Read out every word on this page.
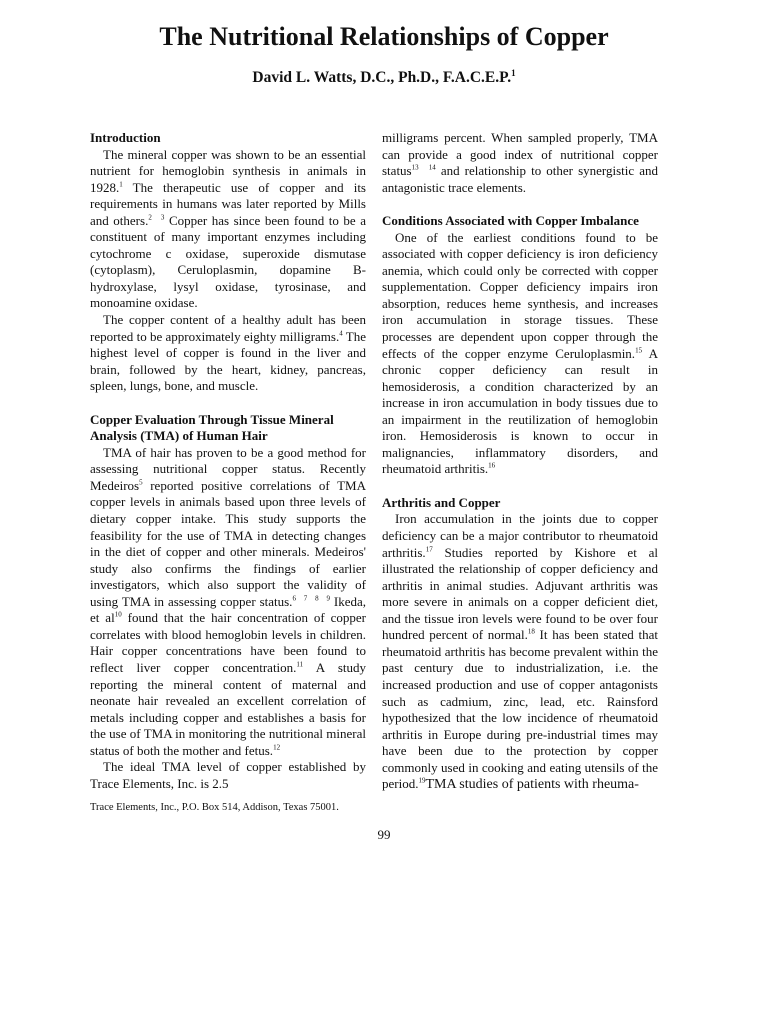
The Nutritional Relationships of Copper
David L. Watts, D.C., Ph.D., F.A.C.E.P.$^1$

Introduction

The mineral copper was shown to be an essential nutrient for hemoglobin synthesis in animals in 1928.$^1$ The therapeutic use of copper and its requirements in humans was later reported by Mills and others.$^2$ $^3$ Copper has since been found to be a constituent of many important enzymes including cytochrome c oxidase, superoxide dismutase (cytoplasm), Ceruloplasmin, dopamine B-hydroxylase, lysyl oxidase, tyrosinase, and monoamine oxidase.

The copper content of a healthy adult has been reported to be approximately eighty milligrams.$^4$ The highest level of copper is found in the liver and brain, followed by the heart, kidney, pancreas, spleen, lungs, bone, and muscle.

Copper Evaluation Through Tissue Mineral Analysis (TMA) of Human Hair

TMA of hair has proven to be a good method for assessing nutritional copper status. Recently Medeiros$^5$ reported positive correlations of TMA copper levels in animals based upon three levels of dietary copper intake. This study supports the feasibility for the use of TMA in detecting changes in the diet of copper and other minerals. Medeiros' study also confirms the findings of earlier investigators, which also support the validity of using TMA in assessing copper status.$^6$ $^7$ $^8$ $^9$ Ikeda, et $al^{10}$ found that the hair concentration of copper correlates with blood hemoglobin levels in children. Hair copper concentrations have been found to reflect liver copper concentration.$^{11}$ A study reporting the mineral content of maternal and neonate hair revealed an excellent correlation of metals including copper and establishes a basis for the use of TMA in monitoring the nutritional mineral status of both the mother and fetus.$^{12}$

The ideal TMA level of copper established by Trace Elements, Inc. is 2.5

milligrams percent. When sampled properly, TMA can provide a good index of nutritional copper status$^{13}$ $^{14}$ and relationship to other synergistic and antagonistic trace elements.

Conditions Associated with Copper Imbalance

One of the earliest conditions found to be associated with copper deficiency is iron deficiency anemia, which could only be corrected with copper supplementation. Copper deficiency impairs iron absorption, reduces heme synthesis, and increases iron accumulation in storage tissues. These processes are dependent upon copper through the effects of the copper enzyme Ceruloplasmin.$^{15}$ A chronic copper deficiency can result in hemosiderosis, a condition characterized by an increase in iron accumulation in body tissues due to an impairment in the reutilization of hemoglobin iron. Hemosiderosis is known to occur in malignancies, inflammatory disorders, and rheumatoid arthritis.$^{16}$

Arthritis and Copper

Iron accumulation in the joints due to copper deficiency can be a major contributor to rheumatoid arthritis.$^{17}$ Studies reported by Kishore et al illustrated the relationship of copper deficiency and arthritis in animal studies. Adjuvant arthritis was more severe in animals on a copper deficient diet, and the tissue iron levels were found to be over four hundred percent of normal.$^{18}$ It has been stated that rheumatoid arthritis has become prevalent within the past century due to industrialization, i.e. the increased production and use of copper antagonists such as cadmium, zinc, lead, etc. Rainsford hypothesized that the low incidence of rheumatoid arthritis in Europe during pre-industrial times may have been due to the protection by copper commonly used in cooking and eating utensils of the period.$^{19}$TMA studies of patients with rheuma-

Trace Elements, Inc., P.O. Box 514, Addison, Texas 75001.
99
